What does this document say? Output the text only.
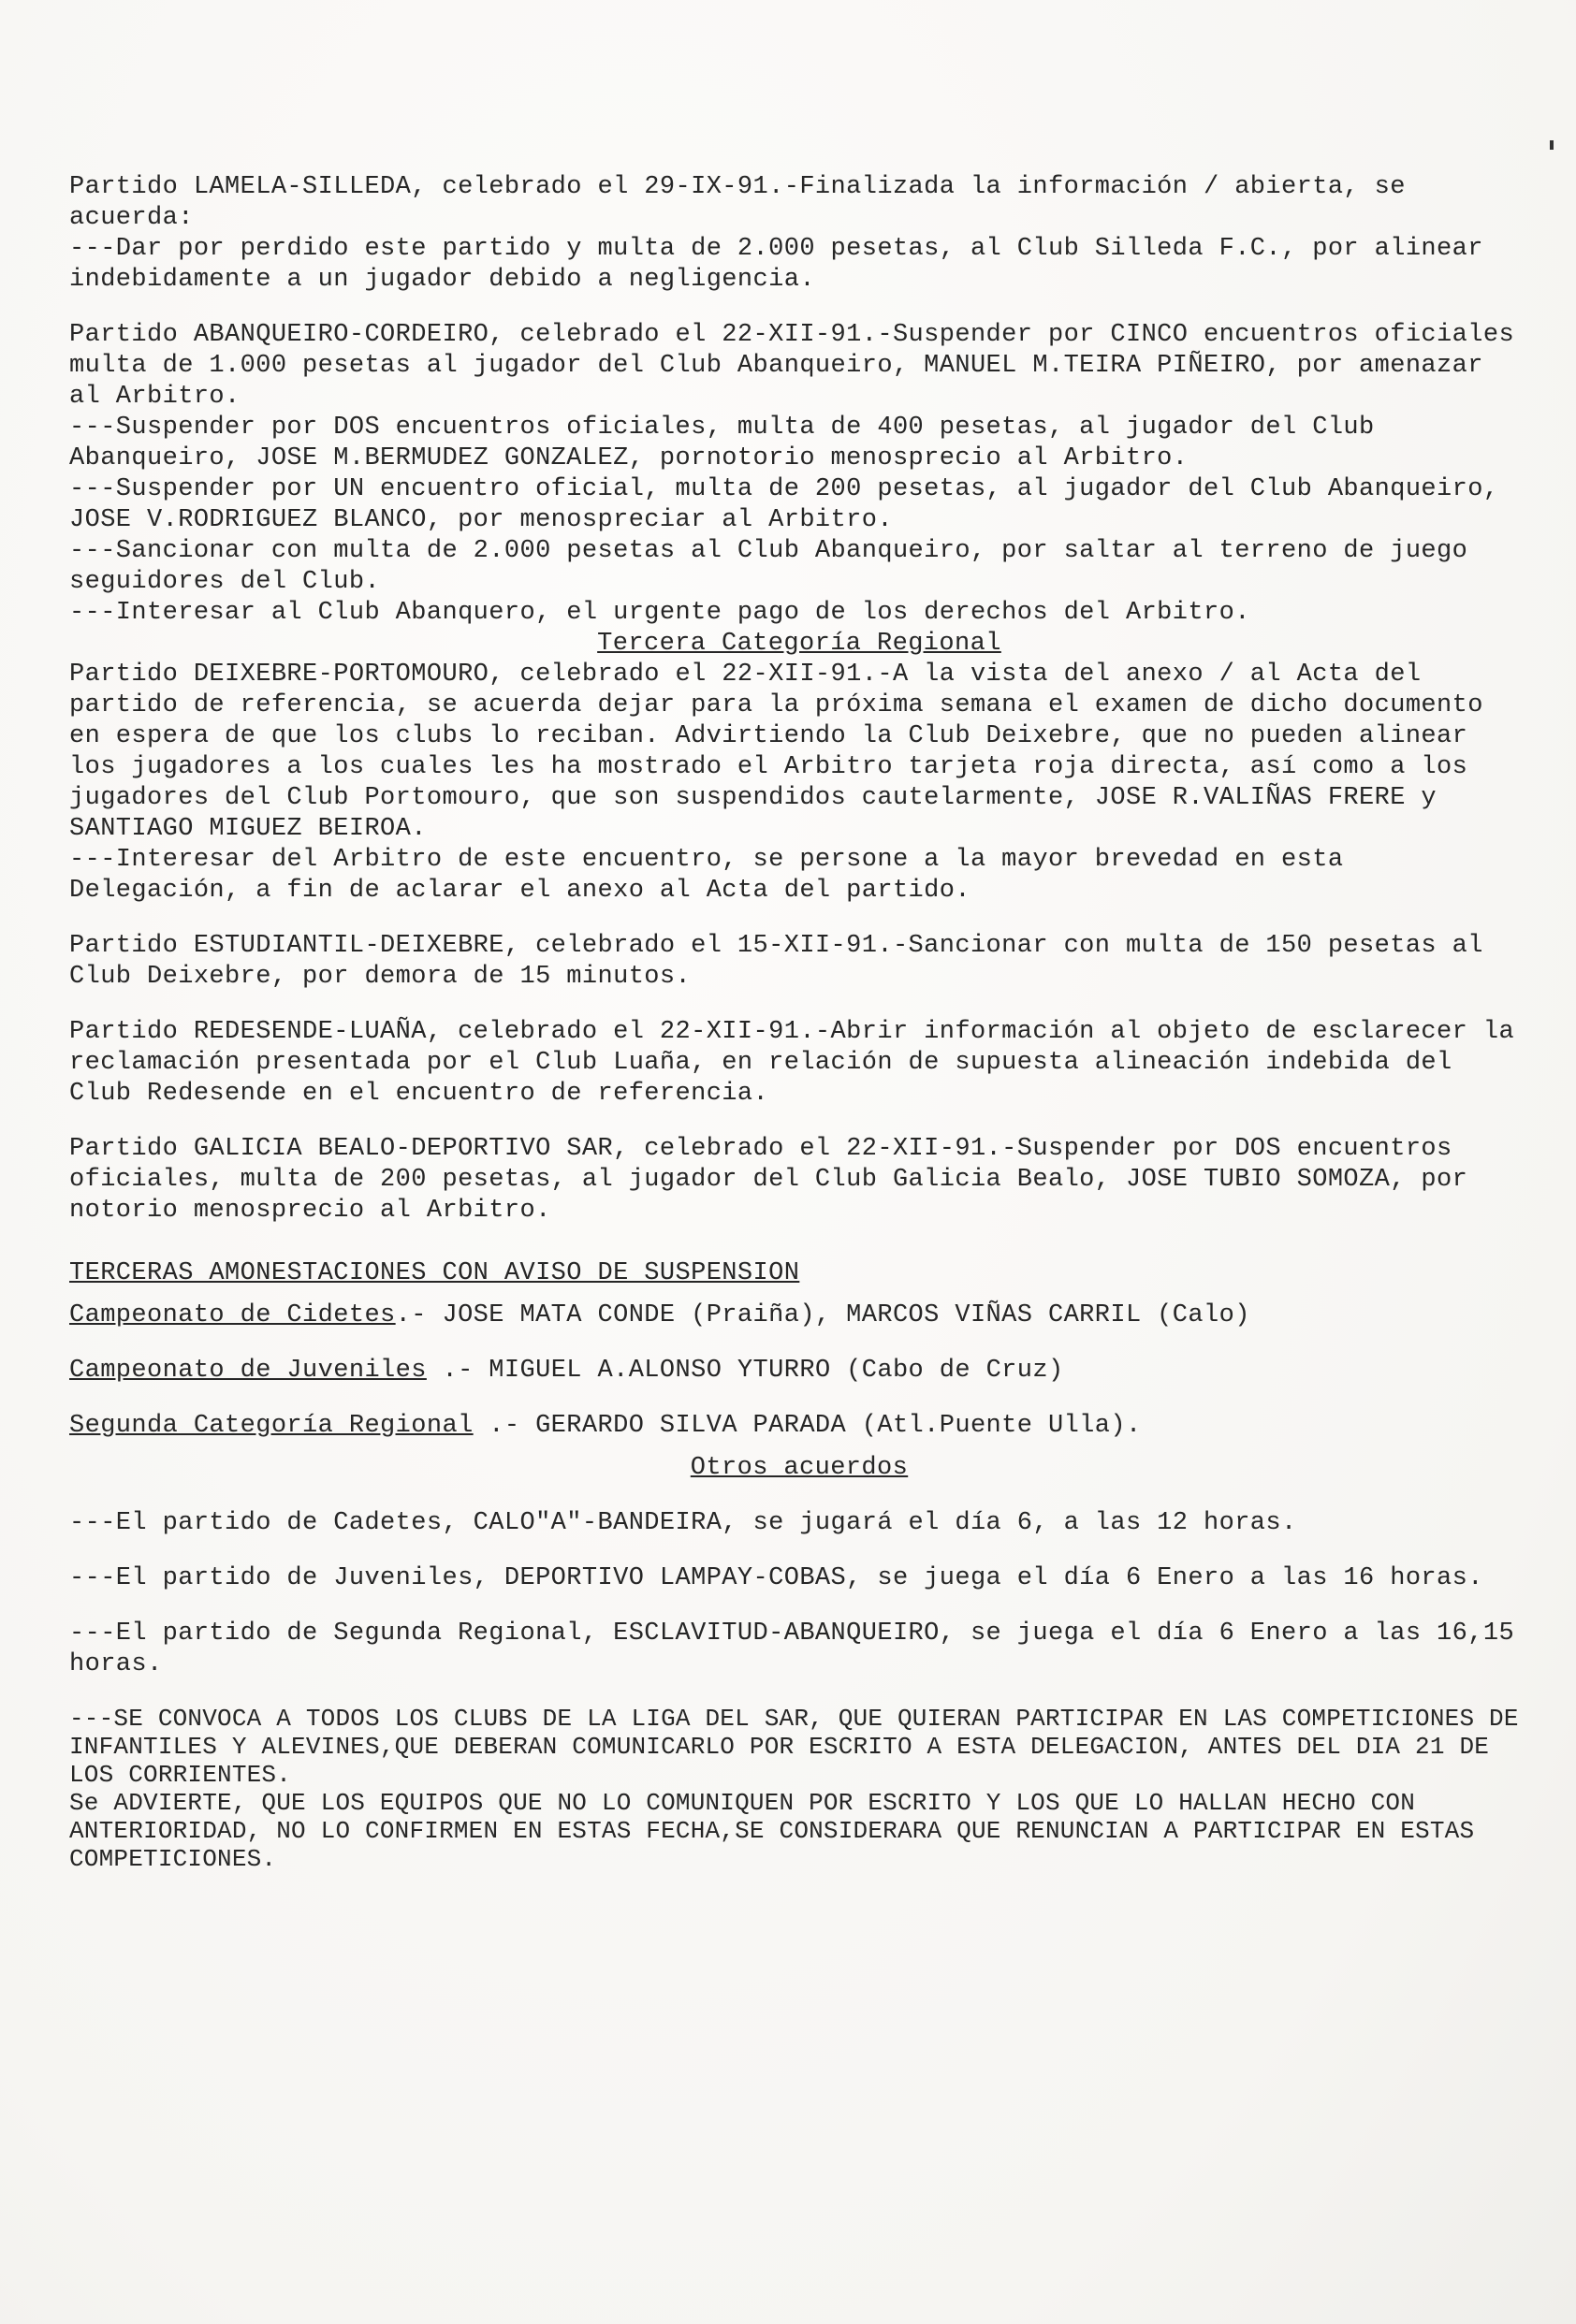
Partido LAMELA-SILLEDA, celebrado el 29-IX-91.-Finalizada la información / abierta, se acuerda:

---Dar por perdido este partido y multa de 2.000 pesetas, al Club Silleda F.C., por alinear indebidamente a un jugador debido a negligencia.

Partido ABANQUEIRO-CORDEIRO, celebrado el 22-XII-91.-Suspender por CINCO encuentros oficiales multa de 1.000 pesetas al jugador del Club Abanqueiro, MANUEL M.TEIRA PIÑEIRO, por amenazar al Arbitro.

---Suspender por DOS encuentros oficiales, multa de 400 pesetas, al jugador del Club Abanqueiro, JOSE M.BERMUDEZ GONZALEZ, pornotorio menosprecio al Arbitro.

---Suspender por UN encuentro oficial, multa de 200 pesetas, al jugador del Club Abanqueiro, JOSE V.RODRIGUEZ BLANCO, por menospreciar al Arbitro.

---Sancionar con multa de 2.000 pesetas al Club Abanqueiro, por saltar al terreno de juego seguidores del Club.

---Interesar al Club Abanquero, el urgente pago de los derechos del Arbitro.

Tercera Categoría Regional

Partido DEIXEBRE-PORTOMOURO, celebrado el 22-XII-91.-A la vista del anexo / al Acta del partido de referencia, se acuerda dejar para la próxima semana el examen de dicho documento en espera de que los clubs lo reciban. Advirtiendo la Club Deixebre, que no pueden alinear los jugadores a los cuales les ha mostrado el Arbitro tarjeta roja directa, así como a los jugadores del Club Portomouro, que son suspendidos cautelarmente, JOSE R.VALIÑAS FRERE y SANTIAGO MIGUEZ BEIROA.

---Interesar del Arbitro de este encuentro, se persone a la mayor brevedad en esta Delegación, a fin de aclarar el anexo al Acta del partido.

Partido ESTUDIANTIL-DEIXEBRE, celebrado el 15-XII-91.-Sancionar con multa de 150 pesetas al Club Deixebre, por demora de 15 minutos.

Partido REDESENDE-LUAÑA, celebrado el 22-XII-91.-Abrir información al objeto de esclarecer la reclamación presentada por el Club Luaña, en relación de supuesta alineación indebida del Club Redesende en el encuentro de referencia.

Partido GALICIA BEALO-DEPORTIVO SAR, celebrado el 22-XII-91.-Suspender por DOS encuentros oficiales, multa de 200 pesetas, al jugador del Club Galicia Bealo, JOSE TUBIO SOMOZA, por notorio menosprecio al Arbitro.

TERCERAS AMONESTACIONES CON AVISO DE SUSPENSION

Campeonato de Cidetes.- JOSE MATA CONDE (Praiña), MARCOS VIÑAS CARRIL (Calo)

Campeonato de Juveniles .- MIGUEL A.ALONSO YTURRO (Cabo de Cruz)

Segunda Categoría Regional .- GERARDO SILVA PARADA (Atl.Puente Ulla).

Otros acuerdos

---El partido de Cadetes, CALO"A"-BANDEIRA, se jugará el día 6, a las 12 horas.

---El partido de Juveniles, DEPORTIVO LAMPAY-COBAS, se juega el día 6 Enero a las 16 horas.

---El partido de Segunda Regional, ESCLAVITUD-ABANQUEIRO, se juega el día 6 Enero a las 16,15 horas.

---SE CONVOCA A TODOS LOS CLUBS DE LA LIGA DEL SAR, QUE QUIERAN PARTICIPAR EN LAS COMPETICIONES DE INFANTILES Y ALEVINES,QUE DEBERAN COMUNICARLO POR ESCRITO A ESTA DELEGACION, ANTES DEL DIA 21 DE LOS CORRIENTES.

Se ADVIERTE, QUE LOS EQUIPOS QUE NO LO COMUNIQUEN POR ESCRITO Y LOS QUE LO HALLAN HECHO CON ANTERIORIDAD, NO LO CONFIRMEN EN ESTAS FECHA,SE CONSIDERARA QUE RENUNCIAN A PARTICIPAR EN ESTAS COMPETICIONES.
